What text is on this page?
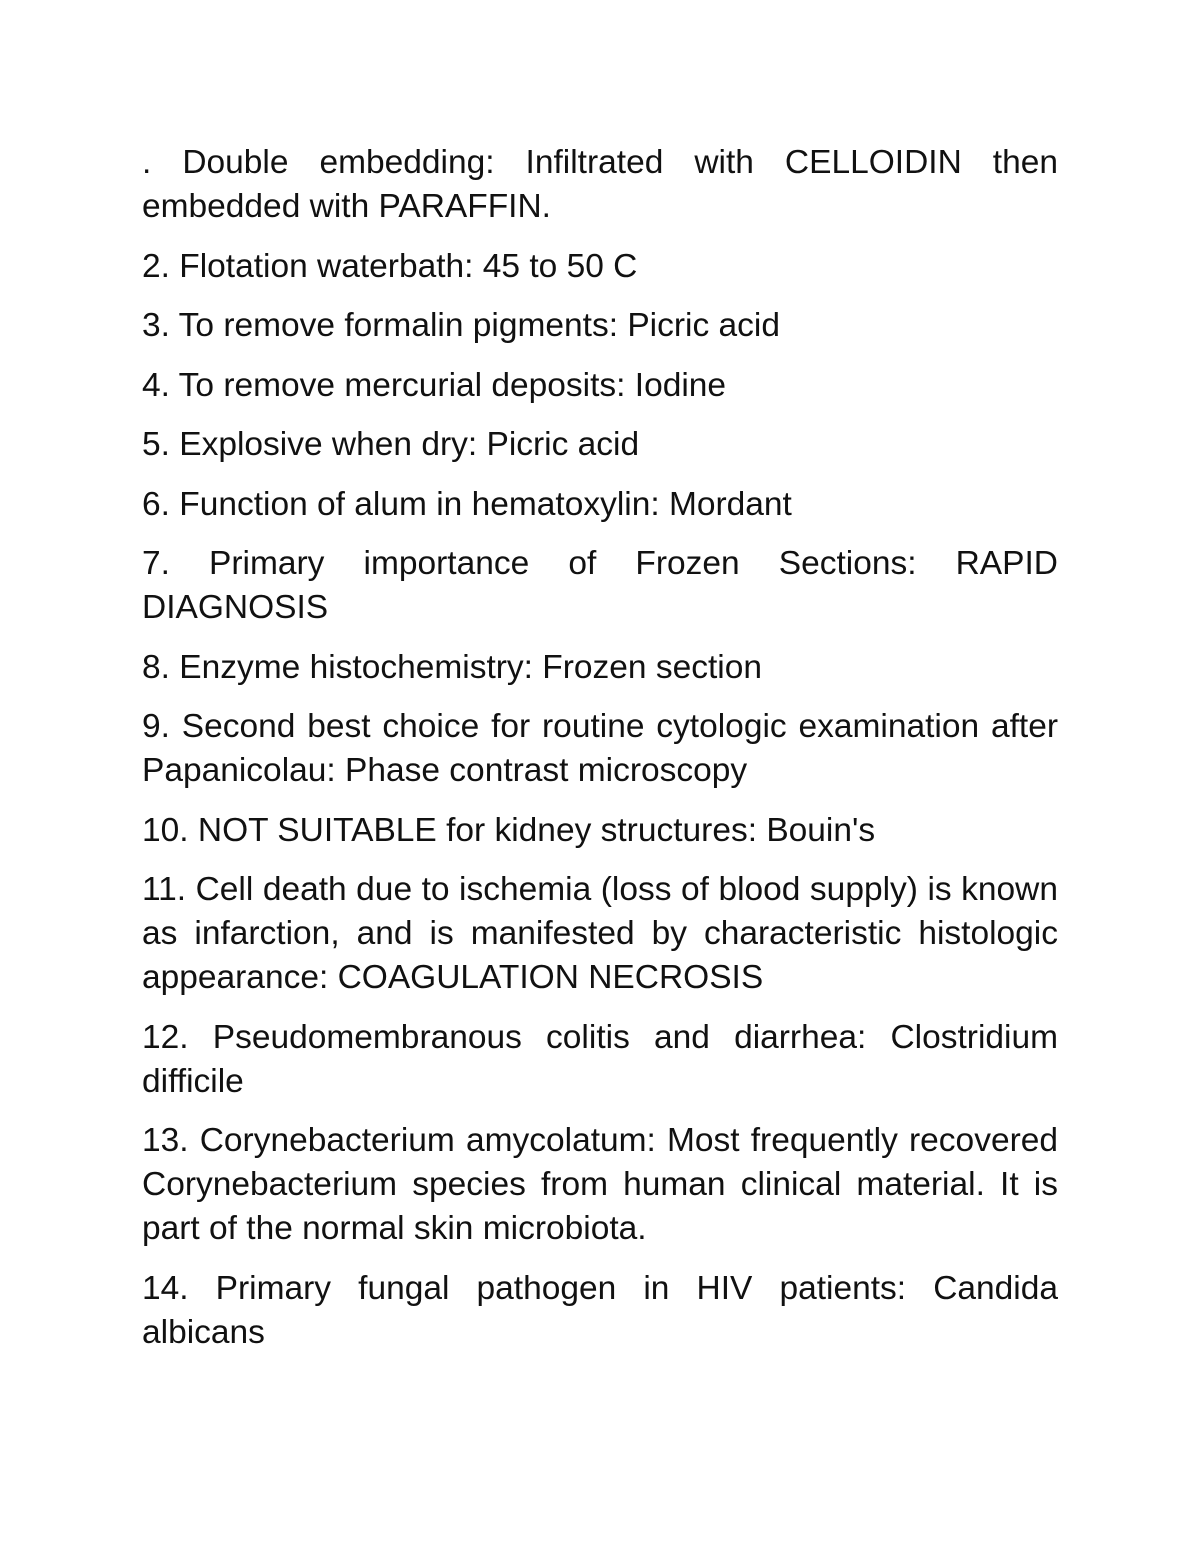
. Double embedding: Infiltrated with CELLOIDIN then embedded with PARAFFIN.

2. Flotation waterbath: 45 to 50 C

3. To remove formalin pigments: Picric acid

4. To remove mercurial deposits: Iodine

5. Explosive when dry: Picric acid

6. Function of alum in hematoxylin: Mordant

7. Primary importance of Frozen Sections: RAPID DIAGNOSIS

8. Enzyme histochemistry: Frozen section

9. Second best choice for routine cytologic examination after Papanicolau: Phase contrast microscopy

10. NOT SUITABLE for kidney structures: Bouin's

11. Cell death due to ischemia (loss of blood supply) is known as infarction, and is manifested by characteristic histologic appearance: COAGULATION NECROSIS

12. Pseudomembranous colitis and diarrhea: Clostridium difficile

13. Corynebacterium amycolatum: Most frequently recovered Corynebacterium species from human clinical material. It is part of the normal skin microbiota.

14. Primary fungal pathogen in HIV patients: Candida albicans
